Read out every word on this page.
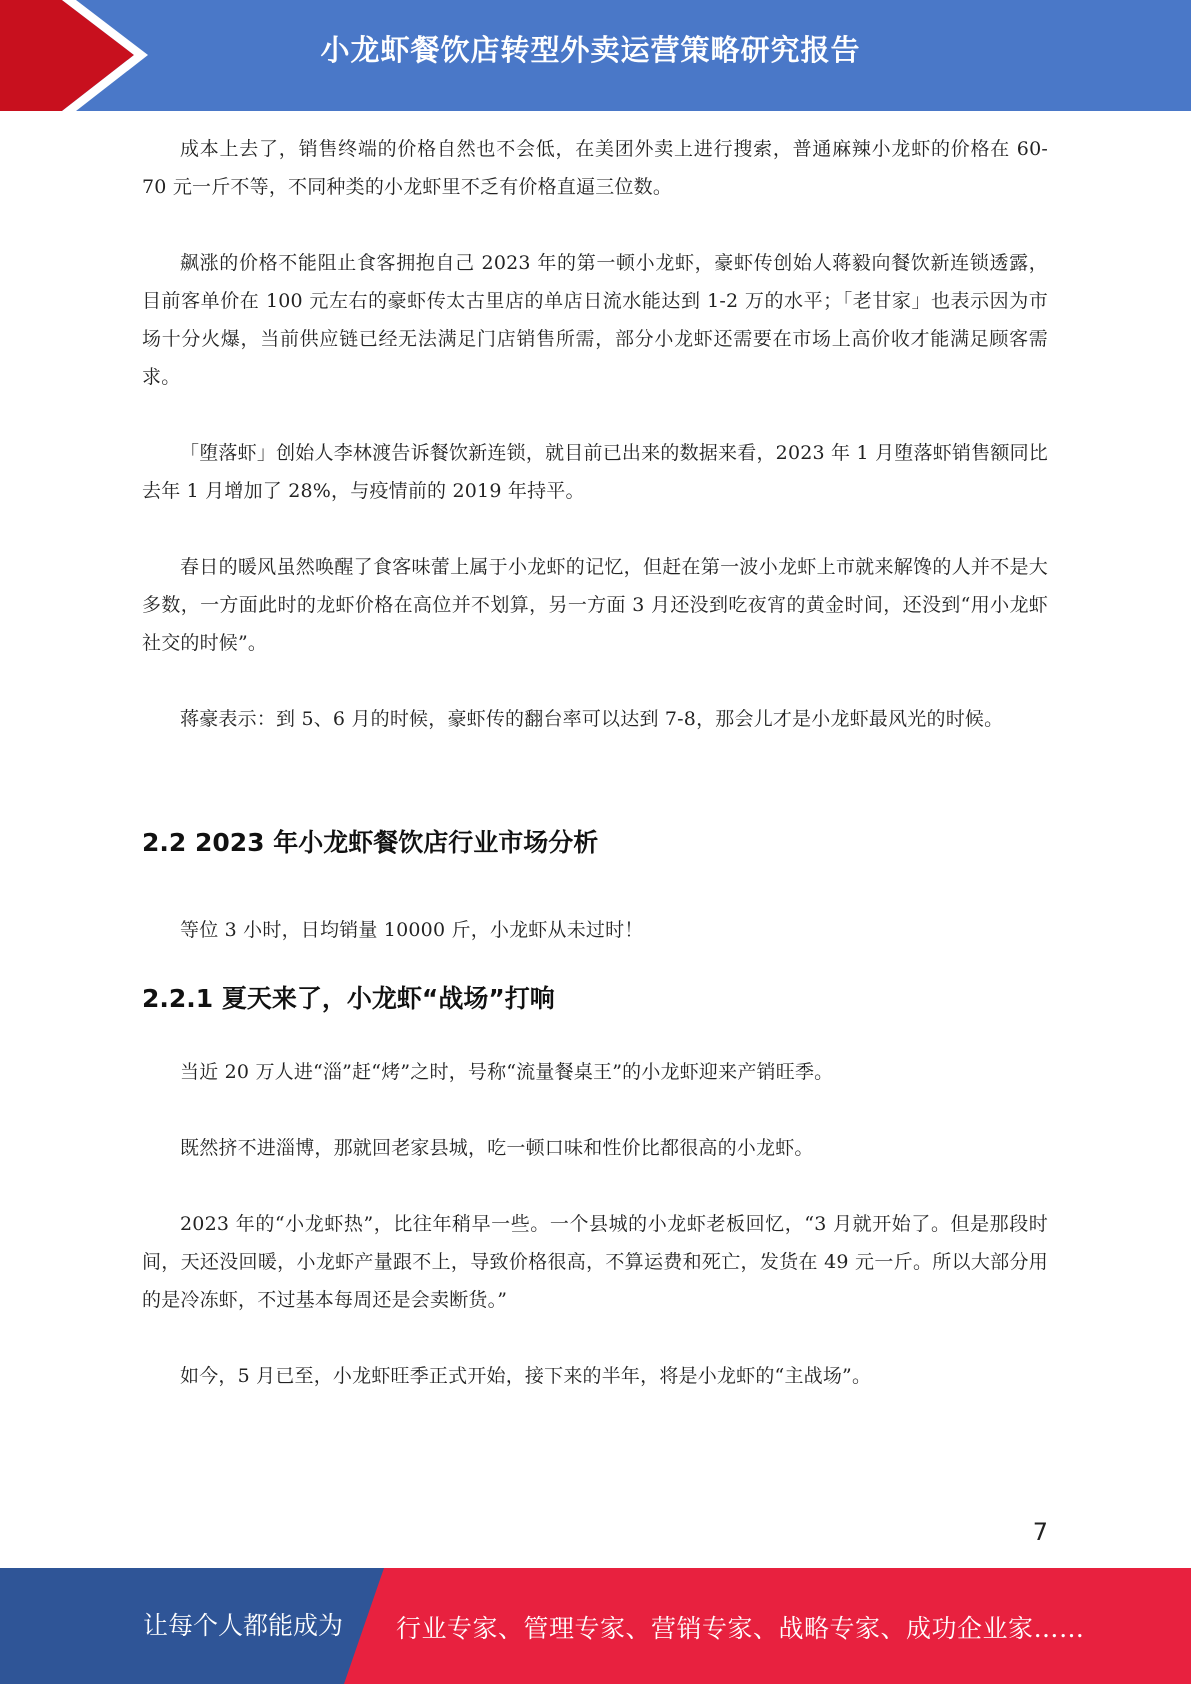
小龙虾餐饮店转型外卖运营策略研究报告

成本上去了，销售终端的价格自然也不会低，在美团外卖上进行搜索，普通麻辣小龙虾的价格在 60-70 元一斤不等，不同种类的小龙虾里不乏有价格直逼三位数。

飙涨的价格不能阻止食客拥抱自己 2023 年的第一顿小龙虾，豪虾传创始人蒋毅向餐饮新连锁透露，目前客单价在 100 元左右的豪虾传太古里店的单店日流水能达到 1-2 万的水平；「老甘家」也表示因为市场十分火爆，当前供应链已经无法满足门店销售所需，部分小龙虾还需要在市场上高价收才能满足顾客需求。

「堕落虾」创始人李林渡告诉餐饮新连锁，就目前已出来的数据来看，2023 年 1 月堕落虾销售额同比去年 1 月增加了 28%，与疫情前的 2019 年持平。

春日的暖风虽然唤醒了食客味蕾上属于小龙虾的记忆，但赶在第一波小龙虾上市就来解馋的人并不是大多数，一方面此时的龙虾价格在高位并不划算，另一方面 3 月还没到吃夜宵的黄金时间，还没到“用小龙虾社交的时候”。

蒋豪表示：到 5、6 月的时候，豪虾传的翻台率可以达到 7-8，那会儿才是小龙虾最风光的时候。

2.2 2023 年小龙虾餐饮店行业市场分析

等位 3 小时，日均销量 10000 斤，小龙虾从未过时！

2.2.1 夏天来了，小龙虾“战场”打响

当近 20 万人进“淄”赶“烤”之时，号称“流量餐桌王”的小龙虾迎来产销旺季。

既然挤不进淄博，那就回老家县城，吃一顿口味和性价比都很高的小龙虾。

2023 年的“小龙虾热”，比往年稍早一些。一个县城的小龙虾老板回忆，“3 月就开始了。但是那段时间，天还没回暖，小龙虾产量跟不上，导致价格很高，不算运费和死亡，发货在 49 元一斤。所以大部分用的是冷冻虾，不过基本每周还是会卖断货。”

如今，5 月已至，小龙虾旺季正式开始，接下来的半年，将是小龙虾的“主战场”。

7
让每个人都能成为 行业专家、管理专家、营销专家、战略专家、成功企业家……
